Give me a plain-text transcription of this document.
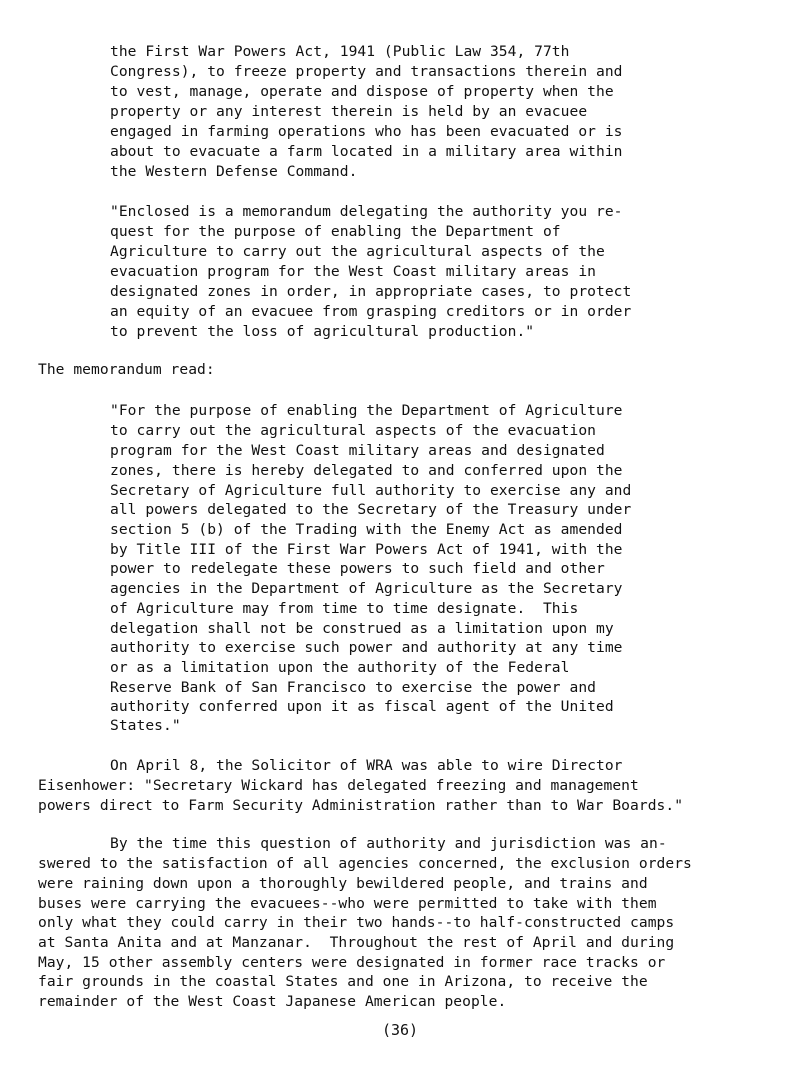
the First War Powers Act, 1941 (Public Law 354, 77th
Congress), to freeze property and transactions therein and
to vest, manage, operate and dispose of property when the
property or any interest therein is held by an evacuee
engaged in farming operations who has been evacuated or is
about to evacuate a farm located in a military area within
the Western Defense Command.
"Enclosed is a memorandum delegating the authority you re-
quest for the purpose of enabling the Department of
Agriculture to carry out the agricultural aspects of the
evacuation program for the West Coast military areas in
designated zones in order, in appropriate cases, to protect
an equity of an evacuee from grasping creditors or in order
to prevent the loss of agricultural production."
The memorandum read:
"For the purpose of enabling the Department of Agriculture
to carry out the agricultural aspects of the evacuation
program for the West Coast military areas and designated
zones, there is hereby delegated to and conferred upon the
Secretary of Agriculture full authority to exercise any and
all powers delegated to the Secretary of the Treasury under
section 5 (b) of the Trading with the Enemy Act as amended
by Title III of the First War Powers Act of 1941, with the
power to redelegate these powers to such field and other
agencies in the Department of Agriculture as the Secretary
of Agriculture may from time to time designate.  This
delegation shall not be construed as a limitation upon my
authority to exercise such power and authority at any time
or as a limitation upon the authority of the Federal
Reserve Bank of San Francisco to exercise the power and
authority conferred upon it as fiscal agent of the United
States."
On April 8, the Solicitor of WRA was able to wire Director
Eisenhower: "Secretary Wickard has delegated freezing and management
powers direct to Farm Security Administration rather than to War Boards."
By the time this question of authority and jurisdiction was an-
swered to the satisfaction of all agencies concerned, the exclusion orders
were raining down upon a thoroughly bewildered people, and trains and
buses were carrying the evacuees--who were permitted to take with them
only what they could carry in their two hands--to half-constructed camps
at Santa Anita and at Manzanar.  Throughout the rest of April and during
May, 15 other assembly centers were designated in former race tracks or
fair grounds in the coastal States and one in Arizona, to receive the
remainder of the West Coast Japanese American people.
(36)
